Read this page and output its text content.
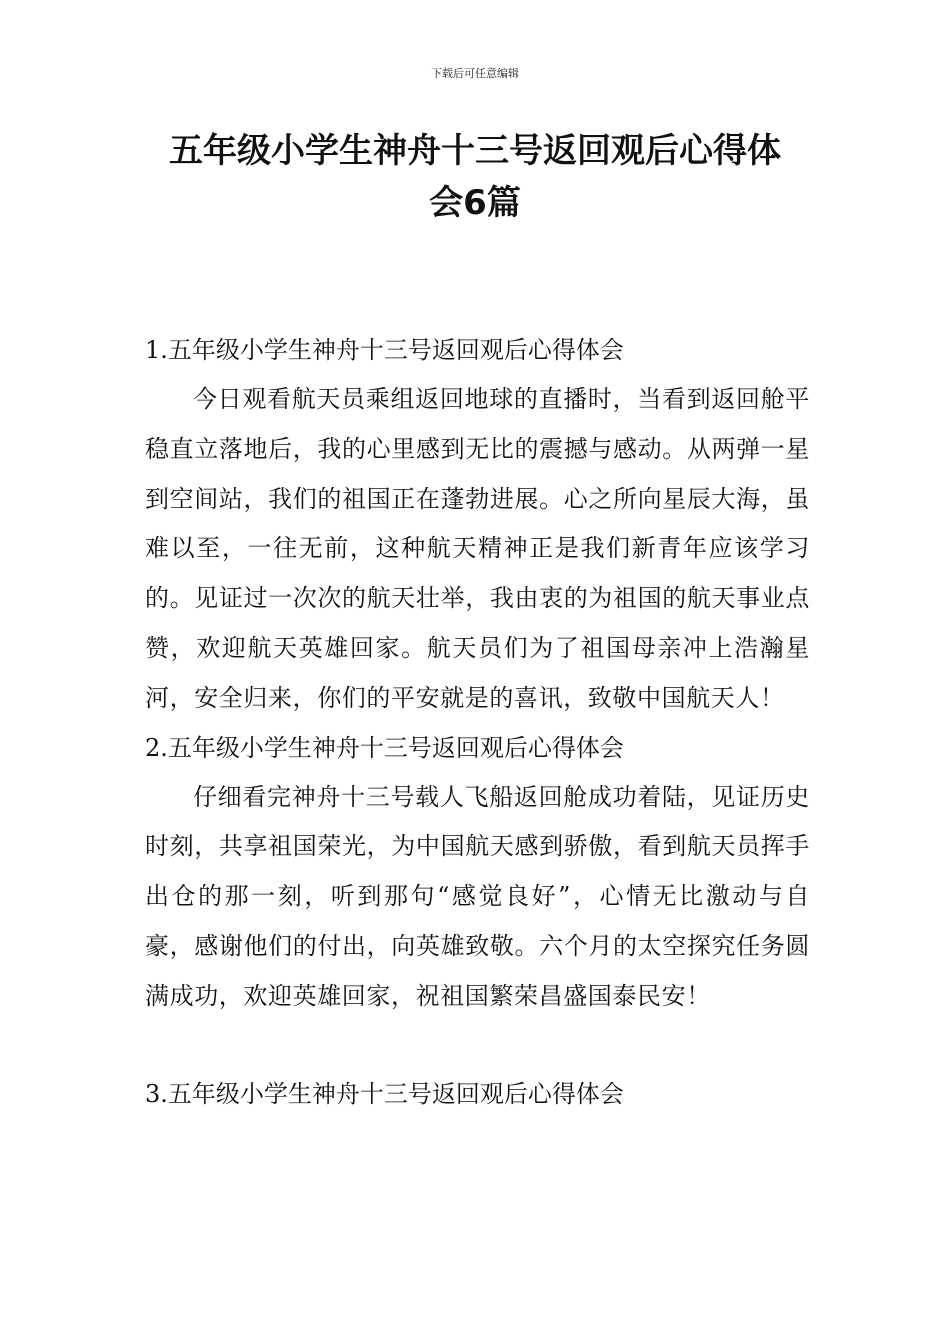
下载后可任意编辑
五年级小学生神舟十三号返回观后心得体
会6篇

1.五年级小学生神舟十三号返回观后心得体会

今日观看航天员乘组返回地球的直播时，当看到返回舱平稳直立落地后，我的心里感到无比的震撼与感动。从两弹一星到空间站，我们的祖国正在蓬勃进展。心之所向星辰大海，虽难以至，一往无前，这种航天精神正是我们新青年应该学习的。见证过一次次的航天壮举，我由衷的为祖国的航天事业点赞，欢迎航天英雄回家。航天员们为了祖国母亲冲上浩瀚星河，安全归来，你们的平安就是的喜讯，致敬中国航天人！

2.五年级小学生神舟十三号返回观后心得体会

仔细看完神舟十三号载人飞船返回舱成功着陆，见证历史时刻，共享祖国荣光，为中国航天感到骄傲，看到航天员挥手出仓的那一刻，听到那句“感觉良好”，心情无比激动与自豪，感谢他们的付出，向英雄致敬。六个月的太空探究任务圆满成功，欢迎英雄回家，祝祖国繁荣昌盛国泰民安！

3.五年级小学生神舟十三号返回观后心得体会
